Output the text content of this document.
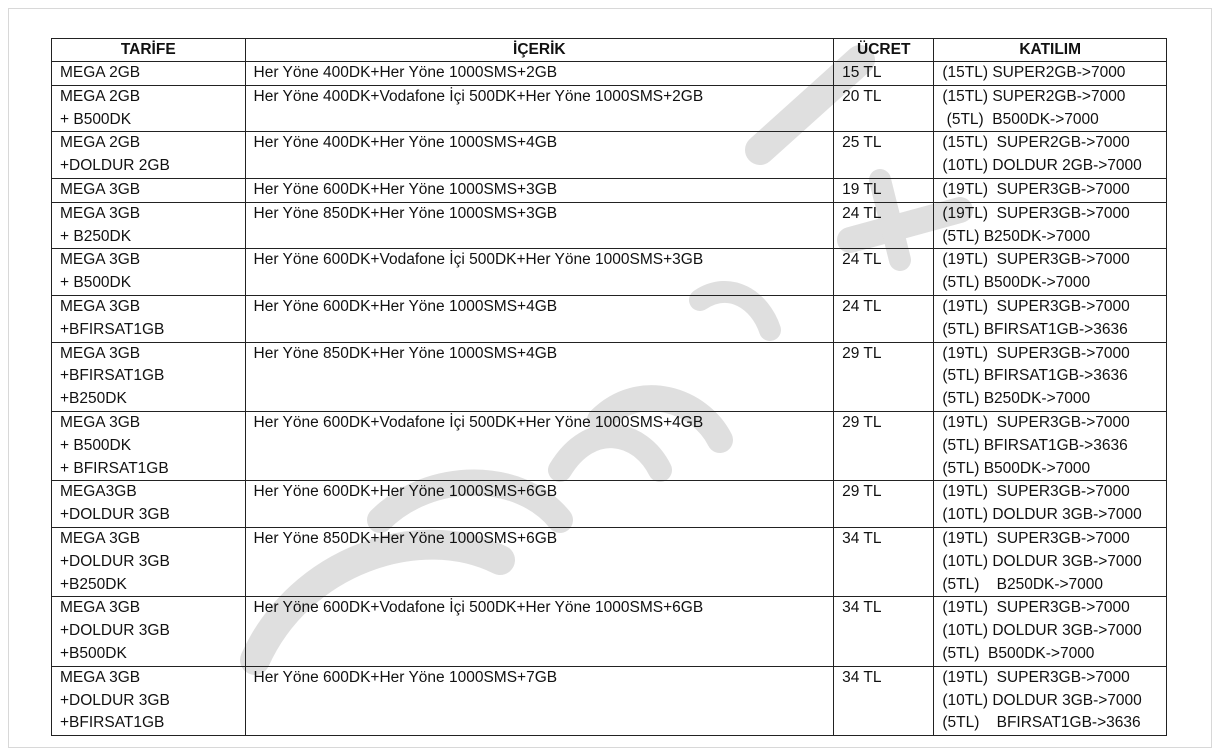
TARİFE	İÇERİK	ÜCRET	KATILIM

MEGA 2GB	Her Yöne 400DK+Her Yöne 1000SMS+2GB	15 TL	(15TL) SUPER2GB->7000

MEGA 2GB
+ B500DK	Her Yöne 400DK+Vodafone İçi 500DK+Her Yöne 1000SMS+2GB	20 TL	(15TL) SUPER2GB->7000
(5TL)  B500DK->7000

MEGA 2GB
+DOLDUR 2GB	Her Yöne 400DK+Her Yöne 1000SMS+4GB	25 TL	(15TL)  SUPER2GB->7000
(10TL) DOLDUR 2GB->7000

MEGA 3GB	Her Yöne 600DK+Her Yöne 1000SMS+3GB	19 TL	(19TL)  SUPER3GB->7000

MEGA 3GB
+ B250DK	Her Yöne 850DK+Her Yöne 1000SMS+3GB	24 TL	(19TL)  SUPER3GB->7000
(5TL) B250DK->7000

MEGA 3GB
+ B500DK	Her Yöne 600DK+Vodafone İçi 500DK+Her Yöne 1000SMS+3GB	24 TL	(19TL)  SUPER3GB->7000
(5TL) B500DK->7000

MEGA 3GB
+BFIRSAT1GB	Her Yöne 600DK+Her Yöne 1000SMS+4GB	24 TL	(19TL)  SUPER3GB->7000
(5TL) BFIRSAT1GB->3636

MEGA 3GB
+BFIRSAT1GB
+B250DK	Her Yöne 850DK+Her Yöne 1000SMS+4GB	29 TL	(19TL)  SUPER3GB->7000
(5TL) BFIRSAT1GB->3636
(5TL) B250DK->7000

MEGA 3GB
+ B500DK
+ BFIRSAT1GB	Her Yöne 600DK+Vodafone İçi 500DK+Her Yöne 1000SMS+4GB	29 TL	(19TL)  SUPER3GB->7000
(5TL) BFIRSAT1GB->3636
(5TL) B500DK->7000

MEGA3GB
+DOLDUR 3GB	Her Yöne 600DK+Her Yöne 1000SMS+6GB	29 TL	(19TL)  SUPER3GB->7000
(10TL) DOLDUR 3GB->7000

MEGA 3GB
+DOLDUR 3GB
+B250DK	Her Yöne 850DK+Her Yöne 1000SMS+6GB	34 TL	(19TL)  SUPER3GB->7000
(10TL) DOLDUR 3GB->7000
(5TL)    B250DK->7000

MEGA 3GB
+DOLDUR 3GB
+B500DK	Her Yöne 600DK+Vodafone İçi 500DK+Her Yöne 1000SMS+6GB	34 TL	(19TL)  SUPER3GB->7000
(10TL) DOLDUR 3GB->7000
(5TL)  B500DK->7000

MEGA 3GB
+DOLDUR 3GB
+BFIRSAT1GB	Her Yöne 600DK+Her Yöne 1000SMS+7GB	34 TL	(19TL)  SUPER3GB->7000
(10TL) DOLDUR 3GB->7000
(5TL)    BFIRSAT1GB->3636
